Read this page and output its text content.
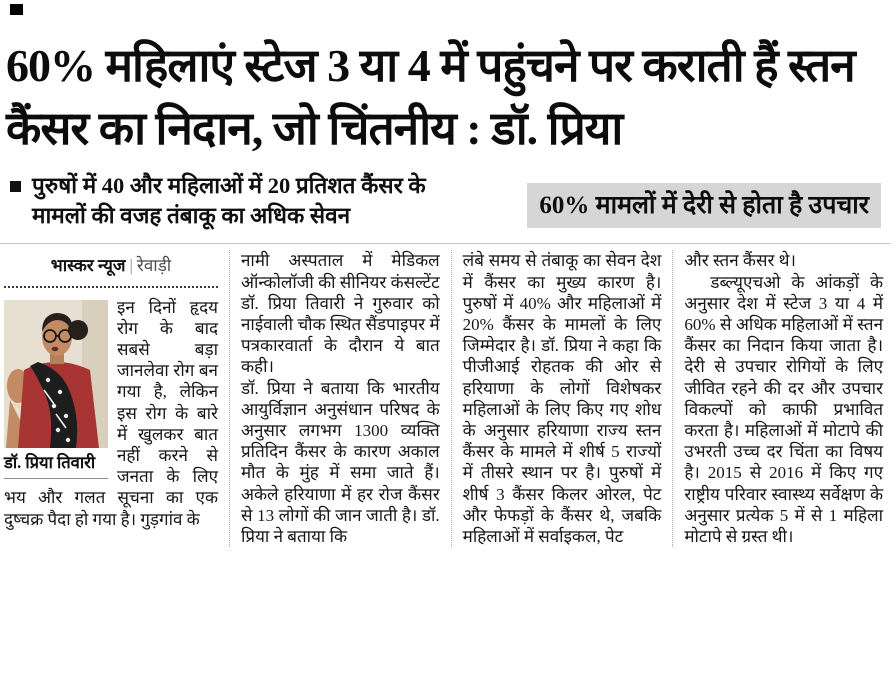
60% महिलाएं स्टेज 3 या 4 में पहुंचने पर कराती हैं स्तन कैंसर का निदान, जो चिंतनीय : डॉ. प्रिया
पुरुषों में 40 और महिलाओं में 20 प्रतिशत कैंसर के मामलों की वजह तंबाकू का अधिक सेवन	60% मामलों में देरी से होता है उपचार
भास्कर न्यूज | रेवाड़ी
डॉ. प्रिया तिवारी

इन दिनों हृदय रोग के बाद सबसे बड़ा जानलेवा रोग बन गया है, लेकिन इस रोग के बारे में खुलकर बात नहीं करने से जनता के लिए भय और गलत सूचना का एक दुष्चक्र पैदा हो गया है। गुड़गांव के

नामी अस्पताल में मेडिकल ऑन्कोलॉजी की सीनियर कंसल्टेंट डॉ. प्रिया तिवारी ने गुरुवार को नाईवाली चौक स्थित सैंडपाइपर में पत्रकारवार्ता के दौरान ये बात कही।

डॉ. प्रिया ने बताया कि भारतीय आयुर्विज्ञान अनुसंधान परिषद के अनुसार लगभग 1300 व्यक्ति प्रतिदिन कैंसर के कारण अकाल मौत के मुंह में समा जाते हैं। अकेले हरियाणा में हर रोज कैंसर से 13 लोगों की जान जाती है। डॉ. प्रिया ने बताया कि

लंबे समय से तंबाकू का सेवन देश में कैंसर का मुख्य कारण है। पुरुषों में 40% और महिलाओं में 20% कैंसर के मामलों के लिए जिम्मेदार है। डॉ. प्रिया ने कहा कि पीजीआई रोहतक की ओर से हरियाणा के लोगों विशेषकर महिलाओं के लिए किए गए शोध के अनुसार हरियाणा राज्य स्तन कैंसर के मामले में शीर्ष 5 राज्यों में तीसरे स्थान पर है। पुरुषों में शीर्ष 3 कैंसर किलर ओरल, पेट और फेफड़ों के कैंसर थे, जबकि महिलाओं में सर्वाइकल, पेट

और स्तन कैंसर थे।

डब्ल्यूएचओ के आंकड़ों के अनुसार देश में स्टेज 3 या 4 में 60% से अधिक महिलाओं में स्तन कैंसर का निदान किया जाता है। देरी से उपचार रोगियों के लिए जीवित रहने की दर और उपचार विकल्पों को काफी प्रभावित करता है। महिलाओं में मोटापे की उभरती उच्च दर चिंता का विषय है। 2015 से 2016 में किए गए राष्ट्रीय परिवार स्वास्थ्य सर्वेक्षण के अनुसार प्रत्येक 5 में से 1 महिला मोटापे से ग्रस्त थी।
